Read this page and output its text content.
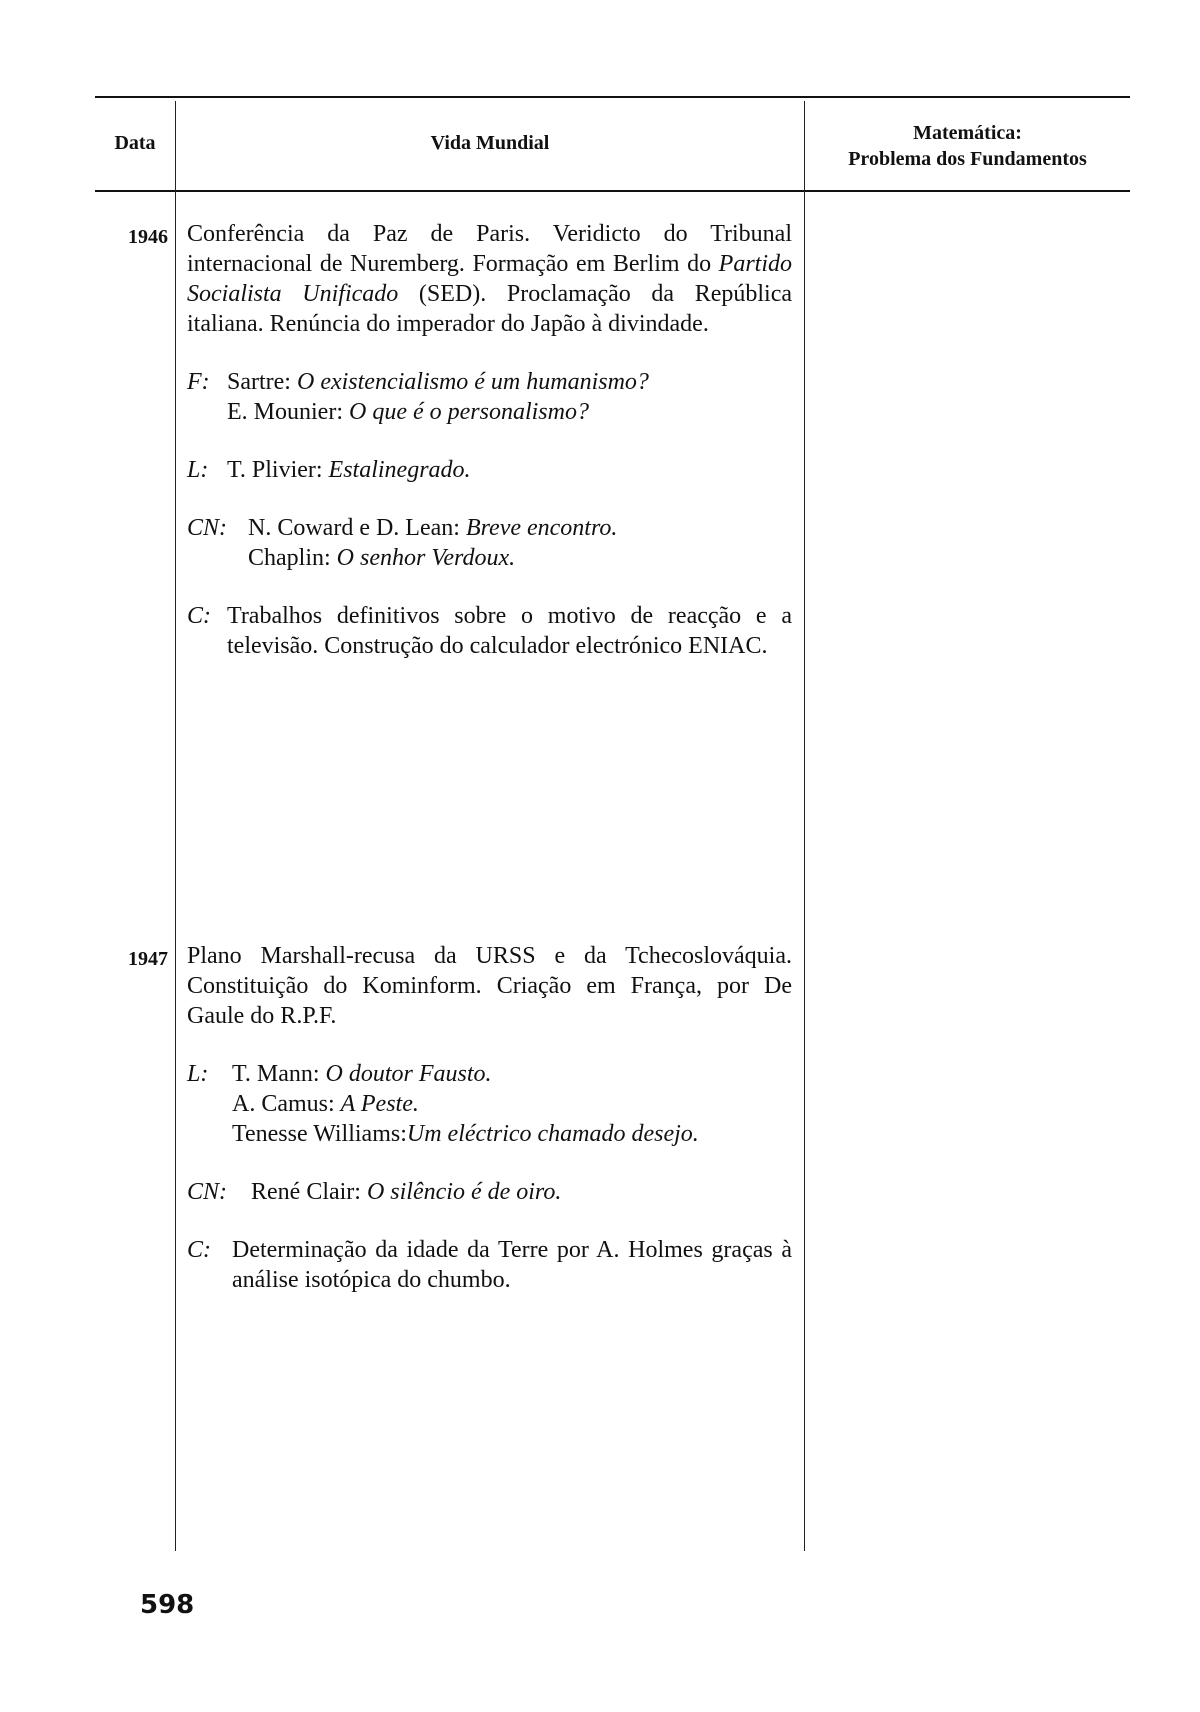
Data	Vida Mundial	Matemática:
Problema dos Fundamentos
1946 Conferência da Paz de Paris. Veridicto do Tribunal internacional de Nuremberg. Formação em Berlim do Partido Socialista Unificado (SED). Proclamação da República italiana. Renúncia do imperador do Japão à divindade.
F: Sartre: O existencialismo é um humanismo?
E. Mounier: O que é o personalismo?
L: T. Plivier: Estalinegrado.
CN: N. Coward e D. Lean: Breve encontro.
Chaplin: O senhor Verdoux.
C: Trabalhos definitivos sobre o motivo de reacção e a televisão. Construção do calculador electrónico ENIAC.
1947 Plano Marshall-recusa da URSS e da Tchecoslováquia. Constituição do Kominform. Criação em França, por De Gaule do R.P.F.
L: T. Mann: O doutor Fausto.
A. Camus: A Peste.
Tenesse Williams:Um eléctrico chamado desejo.
CN: René Clair: O silêncio é de oiro.
C: Determinação da idade da Terre por A. Holmes graças à análise isotópica do chumbo.
598
